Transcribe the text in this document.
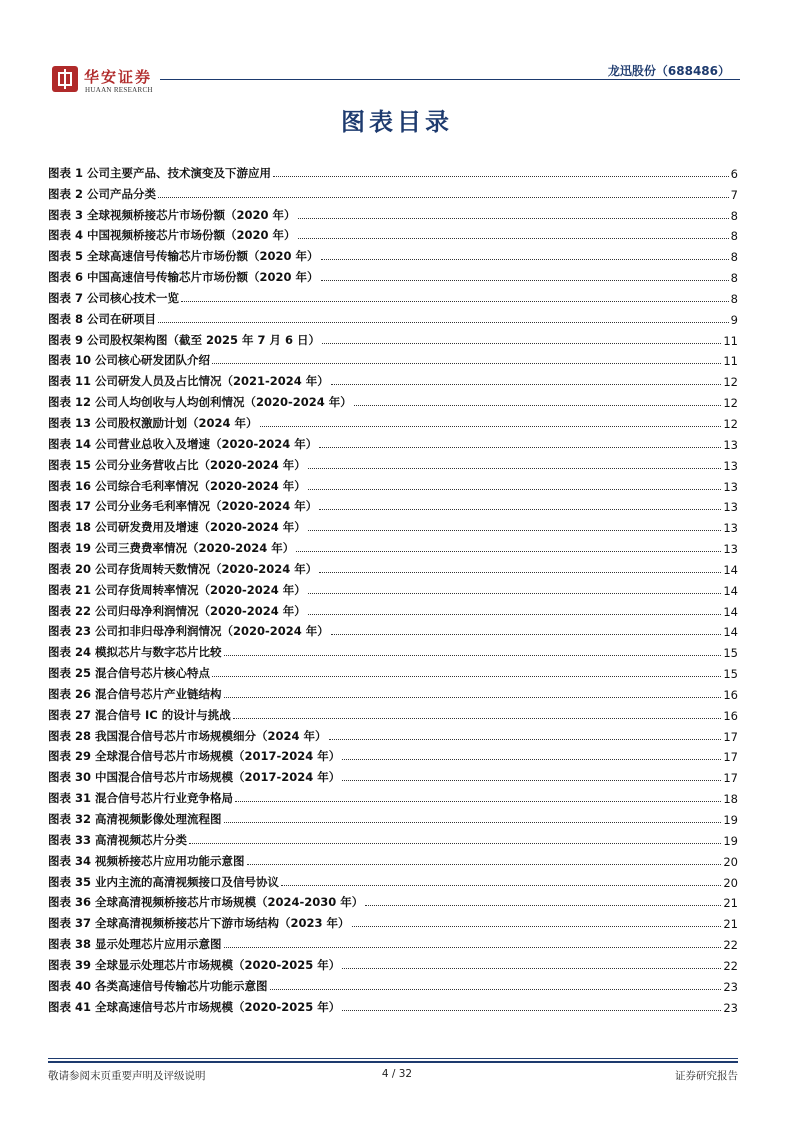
华安证券
HUAAN RESEARCH
龙迅股份（688486）
图表目录
图表 1 公司主要产品、技术演变及下游应用	6
图表 2 公司产品分类	7
图表 3 全球视频桥接芯片市场份额（2020 年）	8
图表 4 中国视频桥接芯片市场份额（2020 年）	8
图表 5 全球高速信号传输芯片市场份额（2020 年）	8
图表 6 中国高速信号传输芯片市场份额（2020 年）	8
图表 7 公司核心技术一览	8
图表 8 公司在研项目	9
图表 9 公司股权架构图（截至 2025 年 7 月 6 日）	11
图表 10 公司核心研发团队介绍	11
图表 11 公司研发人员及占比情况（2021-2024 年）	12
图表 12 公司人均创收与人均创利情况（2020-2024 年）	12
图表 13 公司股权激励计划（2024 年）	12
图表 14 公司营业总收入及增速（2020-2024 年）	13
图表 15 公司分业务营收占比（2020-2024 年）	13
图表 16 公司综合毛利率情况（2020-2024 年）	13
图表 17 公司分业务毛利率情况（2020-2024 年）	13
图表 18 公司研发费用及增速（2020-2024 年）	13
图表 19 公司三费费率情况（2020-2024 年）	13
图表 20 公司存货周转天数情况（2020-2024 年）	14
图表 21 公司存货周转率情况（2020-2024 年）	14
图表 22 公司归母净利润情况（2020-2024 年）	14
图表 23 公司扣非归母净利润情况（2020-2024 年）	14
图表 24 模拟芯片与数字芯片比较	15
图表 25 混合信号芯片核心特点	15
图表 26 混合信号芯片产业链结构	16
图表 27 混合信号 IC 的设计与挑战	16
图表 28 我国混合信号芯片市场规模细分（2024 年）	17
图表 29 全球混合信号芯片市场规模（2017-2024 年）	17
图表 30 中国混合信号芯片市场规模（2017-2024 年）	17
图表 31 混合信号芯片行业竞争格局	18
图表 32 高清视频影像处理流程图	19
图表 33 高清视频芯片分类	19
图表 34 视频桥接芯片应用功能示意图	20
图表 35 业内主流的高清视频接口及信号协议	20
图表 36 全球高清视频桥接芯片市场规模（2024-2030 年）	21
图表 37 全球高清视频桥接芯片下游市场结构（2023 年）	21
图表 38 显示处理芯片应用示意图	22
图表 39 全球显示处理芯片市场规模（2020-2025 年）	22
图表 40 各类高速信号传输芯片功能示意图	23
图表 41 全球高速信号芯片市场规模（2020-2025 年）	23
敬请参阅末页重要声明及评级说明	4 / 32	证券研究报告
